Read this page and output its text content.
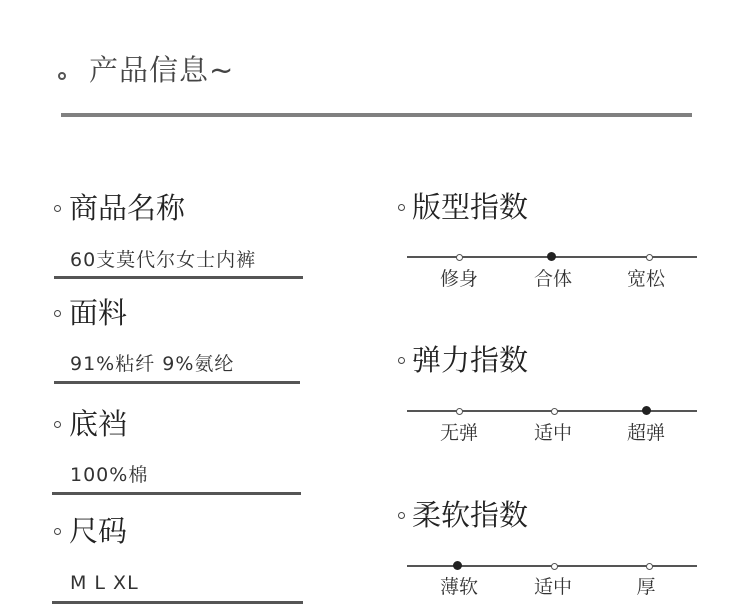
产品信息~
商品名称
60支莫代尔女士内裤
面料
91%粘纤 9%氨纶
底裆
100%棉
尺码
M L XL
版型指数
修身	合体	宽松
弹力指数
无弹	适中	超弹
柔软指数
薄软	适中	厚
